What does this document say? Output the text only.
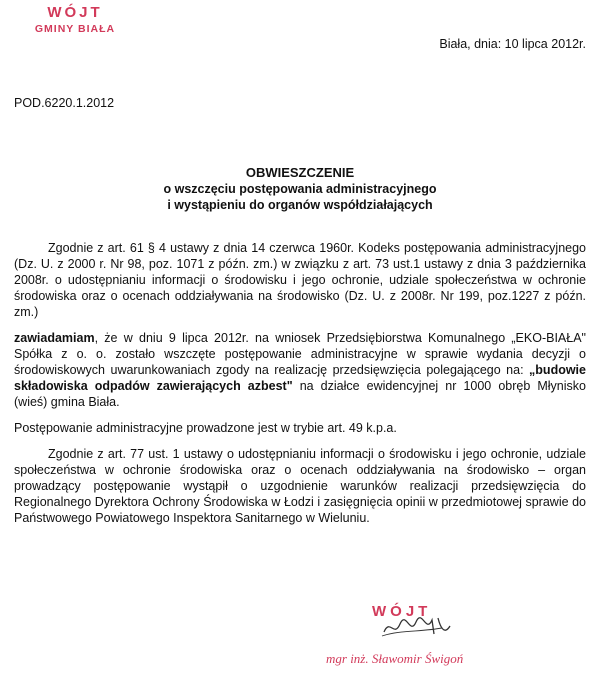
WÓJT
GMINY BIAŁA
Biała, dnia: 10 lipca 2012r.
POD.6220.1.2012
OBWIESZCZENIE
o wszczęciu postępowania administracyjnego
i wystąpieniu do organów współdziałających

Zgodnie z art. 61 § 4 ustawy z dnia 14 czerwca 1960r. Kodeks postępowania administracyjnego (Dz. U. z 2000 r. Nr 98, poz. 1071 z późn. zm.) w związku z art. 73 ust.1 ustawy z dnia 3 października 2008r. o udostępnianiu informacji o środowisku i jego ochronie, udziale społeczeństwa w ochronie środowiska oraz o ocenach oddziaływania na środowisko (Dz. U. z 2008r. Nr 199, poz.1227 z późn. zm.)

zawiadamiam, że w dniu 9 lipca 2012r. na wniosek Przedsiębiorstwa Komunalnego „EKO-BIAŁA" Spółka z o. o. zostało wszczęte postępowanie administracyjne w sprawie wydania decyzji o środowiskowych uwarunkowaniach zgody na realizację przedsięwzięcia polegającego na: „budowie składowiska odpadów zawierających azbest" na działce ewidencyjnej nr 1000 obręb Młynisko (wieś) gmina Biała.

Postępowanie administracyjne prowadzone jest w trybie art. 49 k.p.a.

Zgodnie z art. 77 ust. 1 ustawy o udostępnianiu informacji o środowisku i jego ochronie, udziale społeczeństwa w ochronie środowiska oraz o ocenach oddziaływania na środowisko – organ prowadzący postępowanie wystąpił o uzgodnienie warunków realizacji przedsięwzięcia do Regionalnego Dyrektora Ochrony Środowiska w Łodzi i zasięgnięcia opinii w przedmiotowej sprawie do Państwowego Powiatowego Inspektora Sanitarnego w Wieluniu.

WÓJT
mgr inż. Sławomir Świgoń
